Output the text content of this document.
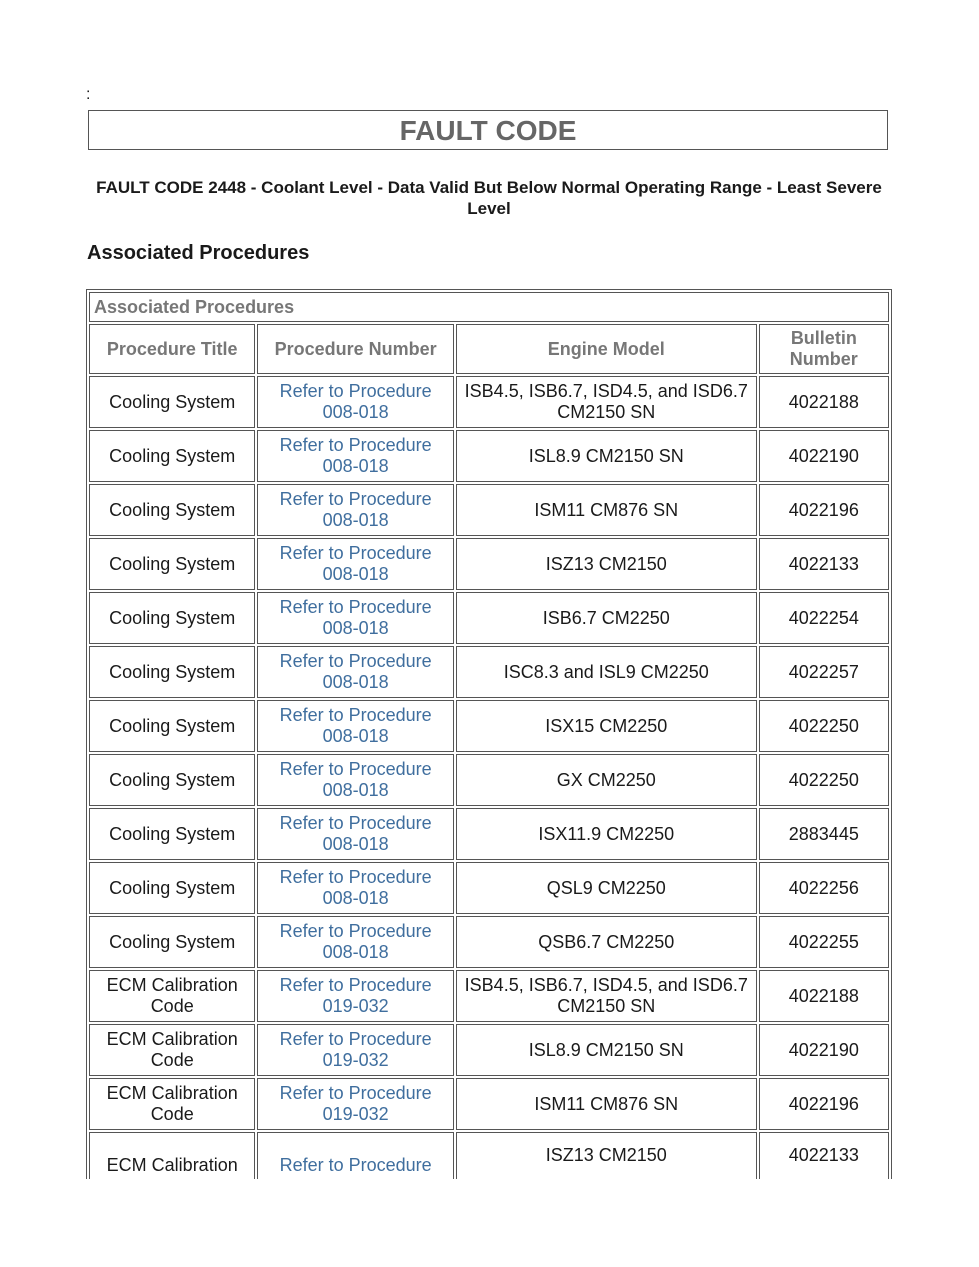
:
FAULT CODE
FAULT CODE 2448 - Coolant Level - Data Valid But Below Normal Operating Range - Least Severe Level
Associated Procedures
Associated Procedures			
Procedure Title	Procedure Number	Engine Model	Bulletin Number
Cooling System	Refer to Procedure 008-018	ISB4.5, ISB6.7, ISD4.5, and ISD6.7 CM2150 SN	4022188
Cooling System	Refer to Procedure 008-018	ISL8.9 CM2150 SN	4022190
Cooling System	Refer to Procedure 008-018	ISM11 CM876 SN	4022196
Cooling System	Refer to Procedure 008-018	ISZ13 CM2150	4022133
Cooling System	Refer to Procedure 008-018	ISB6.7 CM2250	4022254
Cooling System	Refer to Procedure 008-018	ISC8.3 and ISL9 CM2250	4022257
Cooling System	Refer to Procedure 008-018	ISX15 CM2250	4022250
Cooling System	Refer to Procedure 008-018	GX CM2250	4022250
Cooling System	Refer to Procedure 008-018	ISX11.9 CM2250	2883445
Cooling System	Refer to Procedure 008-018	QSL9 CM2250	4022256
Cooling System	Refer to Procedure 008-018	QSB6.7 CM2250	4022255
ECM Calibration Code	Refer to Procedure 019-032	ISB4.5, ISB6.7, ISD4.5, and ISD6.7 CM2150 SN	4022188
ECM Calibration Code	Refer to Procedure 019-032	ISL8.9 CM2150 SN	4022190
ECM Calibration Code	Refer to Procedure 019-032	ISM11 CM876 SN	4022196
ECM Calibration	Refer to Procedure	ISZ13 CM2150	4022133
